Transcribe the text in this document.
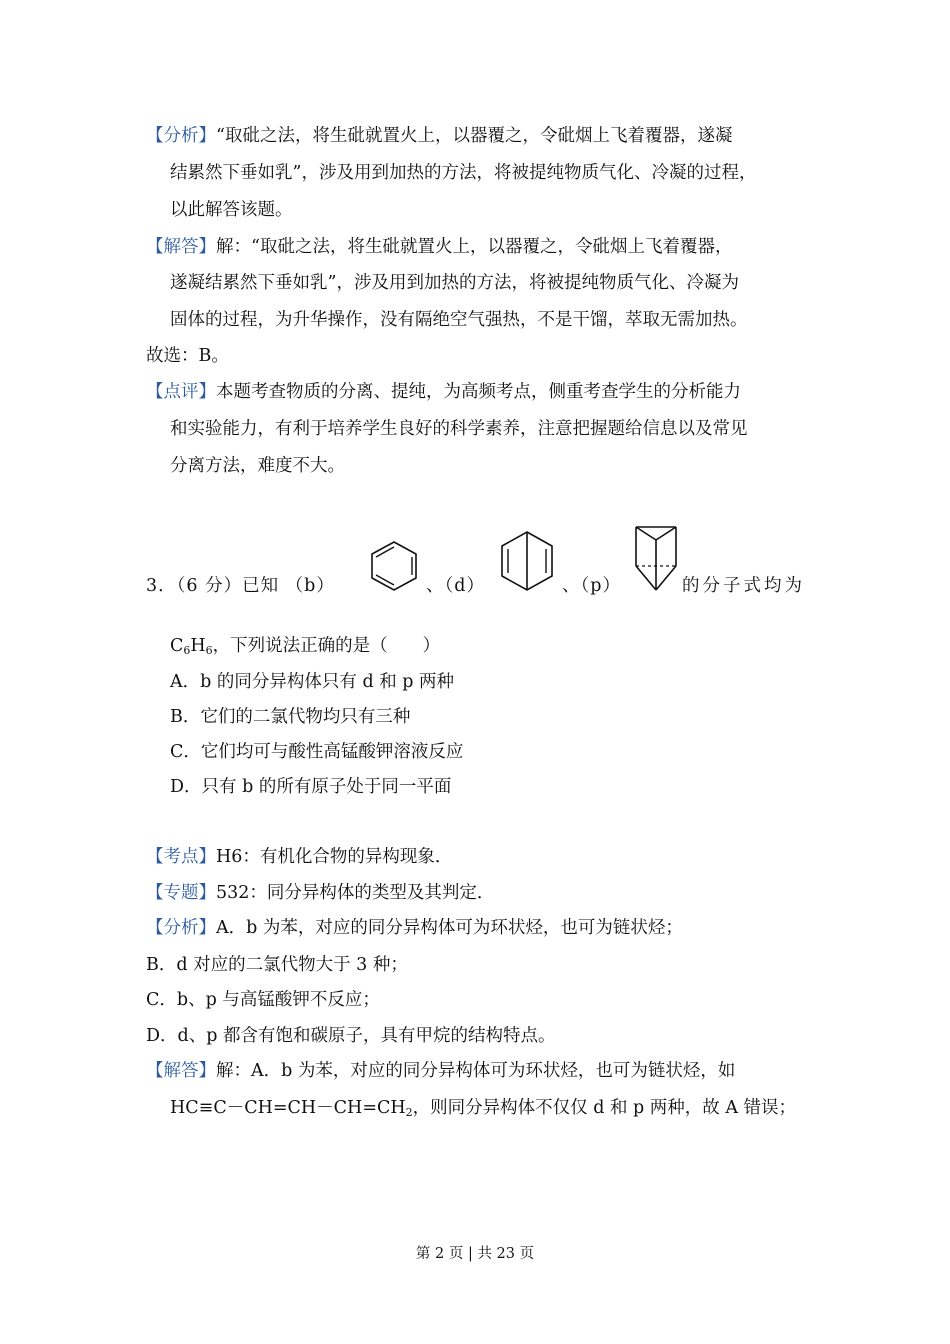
【分析】“取砒之法，将生砒就置火上，以器覆之，令砒烟上飞着覆器，遂凝
结累然下垂如乳”，涉及用到加热的方法，将被提纯物质气化、冷凝的过程，
以此解答该题。
【解答】解：“取砒之法，将生砒就置火上，以器覆之，令砒烟上飞着覆器，
遂凝结累然下垂如乳”，涉及用到加热的方法，将被提纯物质气化、冷凝为
固体的过程，为升华操作，没有隔绝空气强热，不是干馏，萃取无需加热。
故选：B。
【点评】本题考查物质的分离、提纯，为高频考点，侧重考查学生的分析能力
和实验能力，有利于培养学生良好的科学素养，注意把握题给信息以及常见
分离方法，难度不大。
3．（6 分）已知 （b）	、（d）	、（p）	的分子式均为
$C_6H_6$，下列说法正确的是（　　）
A．b 的同分异构体只有 d 和 p 两种
B．它们的二氯代物均只有三种
C．它们均可与酸性高锰酸钾溶液反应
D．只有 b 的所有原子处于同一平面
【考点】H6：有机化合物的异构现象．
【专题】532：同分异构体的类型及其判定．
【分析】A．b 为苯，对应的同分异构体可为环状烃，也可为链状烃；
B．d 对应的二氯代物大于 3 种；
C．b、p 与高锰酸钾不反应；
D．d、p 都含有饱和碳原子，具有甲烷的结构特点。
【解答】解：A．b 为苯，对应的同分异构体可为环状烃，也可为链状烃，如
$HC\equiv C-CH=CH-CH=CH_2$，则同分异构体不仅仅 d 和 p 两种，故 A 错误；
第 2 页 | 共 23 页
